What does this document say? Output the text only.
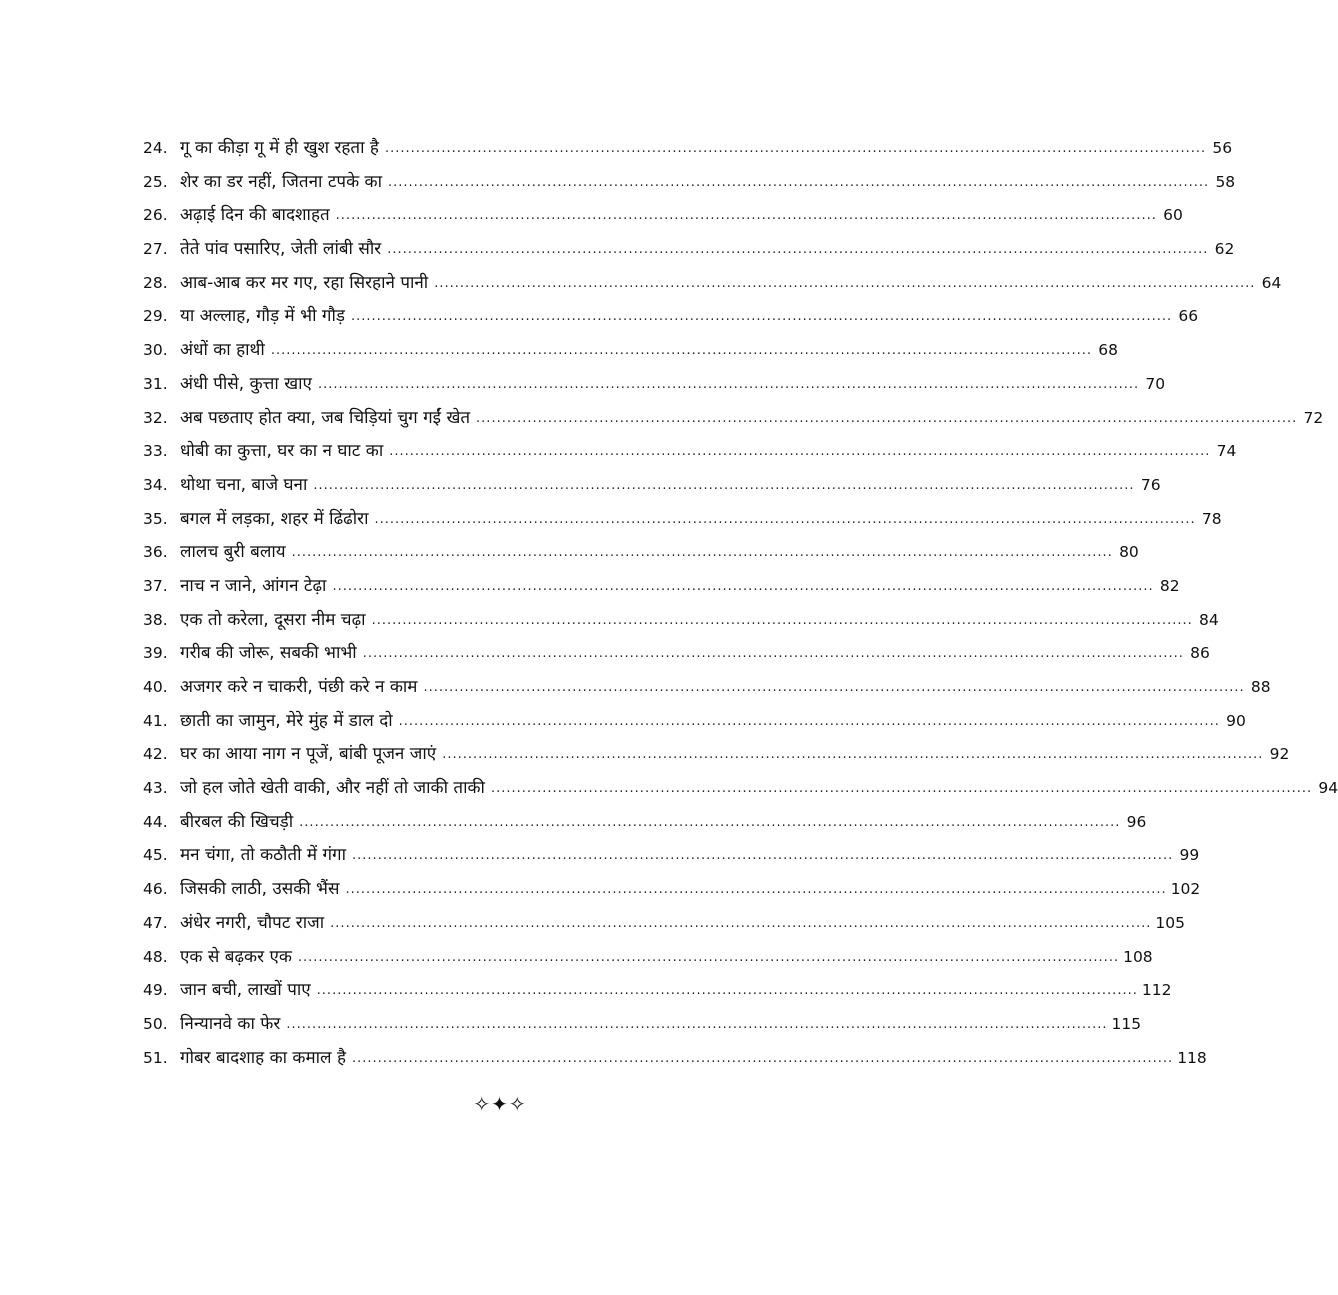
24. गू का कीड़ा गू में ही खुश रहता है ................................................................................................................................................................ 56
25. शेर का डर नहीं, जितना टपके का ................................................................................................................................................................ 58
26. अढ़ाई दिन की बादशाहत ................................................................................................................................................................ 60
27. तेते पांव पसारिए, जेती लांबी सौर ................................................................................................................................................................ 62
28. आब-आब कर मर गए, रहा सिरहाने पानी ................................................................................................................................................................ 64
29. या अल्लाह, गौड़ में भी गौड़ ................................................................................................................................................................ 66
30. अंधों का हाथी ................................................................................................................................................................ 68
31. अंधी पीसे, कुत्ता खाए ................................................................................................................................................................ 70
32. अब पछताए होत क्या, जब चिड़ियां चुग गईं खेत ................................................................................................................................................................ 72
33. धोबी का कुत्ता, घर का न घाट का ................................................................................................................................................................ 74
34. थोथा चना, बाजे घना ................................................................................................................................................................ 76
35. बगल में लड़का, शहर में ढिंढोरा ................................................................................................................................................................ 78
36. लालच बुरी बलाय ................................................................................................................................................................ 80
37. नाच न जाने, आंगन टेढ़ा ................................................................................................................................................................ 82
38. एक तो करेला, दूसरा नीम चढ़ा ................................................................................................................................................................ 84
39. गरीब की जोरू, सबकी भाभी ................................................................................................................................................................ 86
40. अजगर करे न चाकरी, पंछी करे न काम ................................................................................................................................................................ 88
41. छाती का जामुन, मेरे मुंह में डाल दो ................................................................................................................................................................ 90
42. घर का आया नाग न पूजें, बांबी पूजन जाएं ................................................................................................................................................................ 92
43. जो हल जोते खेती वाकी, और नहीं तो जाकी ताकी ................................................................................................................................................................ 94
44. बीरबल की खिचड़ी ................................................................................................................................................................ 96
45. मन चंगा, तो कठौती में गंगा ................................................................................................................................................................ 99
46. जिसकी लाठी, उसकी भैंस ................................................................................................................................................................ 102
47. अंधेर नगरी, चौपट राजा ................................................................................................................................................................ 105
48. एक से बढ़कर एक ................................................................................................................................................................ 108
49. जान बची, लाखों पाए ................................................................................................................................................................ 112
50. निन्यानवे का फेर ................................................................................................................................................................ 115
51. गोबर बादशाह का कमाल है ................................................................................................................................................................ 118
✧✦✧
